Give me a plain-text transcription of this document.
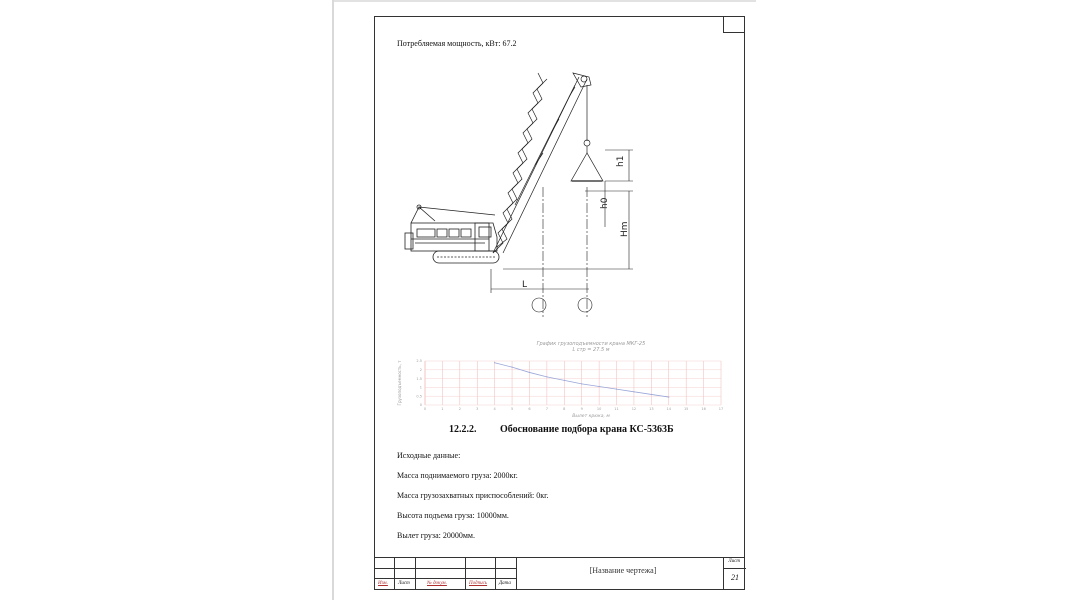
Потребляемая мощность, кВт: 67.2
h1
h0
Hm
L
График грузоподъемности крана МКГ-25
L стр = 27.5 м
Грузоподъемность, т
Вылет крюка, м
0	1	2	3	4	5	6	7	8	9	10	11	12	13	14	15	16	17
0
0.5
1
1.5
2
2.5
12.2.2. Обоснование подбора крана КС-5363Б
Исходные данные:
Масса поднимаемого груза: 2000кг.
Масса грузозахватных приспособлений: 0кг.
Высота подъема груза: 10000мм.
Вылет груза: 20000мм.
Изм. Лист	№ докум.	Подпись Дата
[Название чертежа]
Лист
21
